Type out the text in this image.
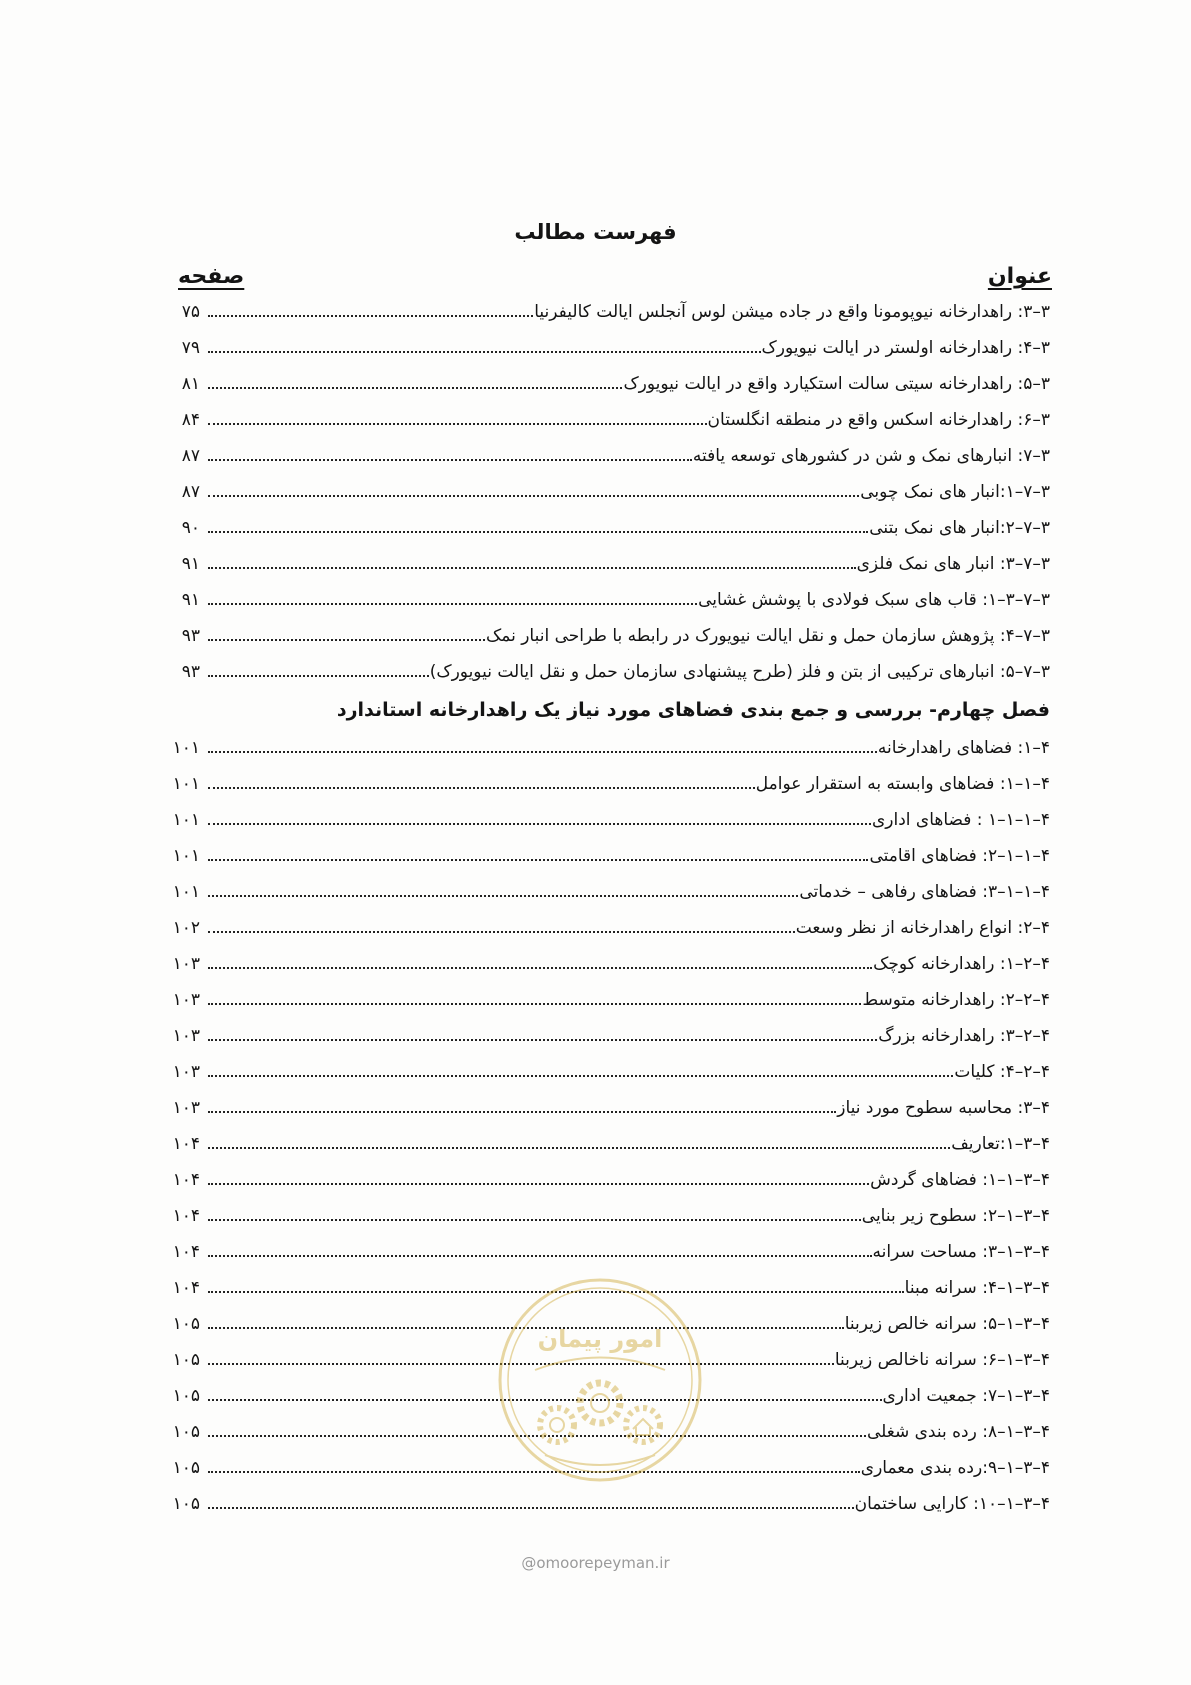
فهرست مطالب
صفحه	عنوان
۳–۳: راهدارخانه نیوپومونا واقع در جاده میشن لوس آنجلس ایالت کالیفرنیا
۷۵
۳–۴: راهدارخانه اولستر در ایالت نیویورک
۷۹
۳–۵: راهدارخانه سیتی سالت استکیارد واقع در ایالت نیویورک
۸۱
۳–۶: راهدارخانه اسکس واقع در منطقه انگلستان
۸۴
۳–۷: انبارهای نمک و شن در کشورهای توسعه یافته
۸۷
۳–۷–۱:انبار های نمک چوبی
۸۷
۳–۷–۲:انبار های نمک بتنی
۹۰
۳–۷–۳: انبار های نمک فلزی
۹۱
۳–۷–۳–۱: قاب های سبک فولادی با پوشش غشایی
۹۱
۳–۷–۴: پژوهش سازمان حمل و نقل ایالت نیویورک در رابطه با طراحی انبار نمک
۹۳
۳–۷–۵: انبارهای ترکیبی از بتن و فلز (طرح پیشنهادی سازمان حمل و نقل ایالت نیویورک)
۹۳
فصل چهارم- بررسی و جمع بندی فضاهای مورد نیاز یک راهدارخانه استاندارد
۴–۱: فضاهای راهدارخانه
۱۰۱
۴–۱–۱: فضاهای وابسته به استقرار عوامل
۱۰۱
۴–۱–۱–۱ : فضاهای اداری
۱۰۱
۴–۱–۱–۲: فضاهای اقامتی
۱۰۱
۴–۱–۱–۳: فضاهای رفاهی – خدماتی
۱۰۱
۴–۲: انواع راهدارخانه از نظر وسعت
۱۰۲
۴–۲–۱: راهدارخانه کوچک
۱۰۳
۴–۲–۲: راهدارخانه متوسط
۱۰۳
۴–۲–۳: راهدارخانه بزرگ
۱۰۳
۴–۲–۴: کلیات
۱۰۳
۴–۳: محاسبه سطوح مورد نیاز
۱۰۳
۴–۳–۱:تعاریف
۱۰۴
۴–۳–۱–۱: فضاهای گردش
۱۰۴
۴–۳–۱–۲: سطوح زیر بنایی
۱۰۴
۴–۳–۱–۳: مساحت سرانه
۱۰۴
۴–۳–۱–۴: سرانه مبنا
۱۰۴
۴–۳–۱–۵: سرانه خالص زیربنا
۱۰۵
۴–۳–۱–۶: سرانه ناخالص زیربنا
۱۰۵
۴–۳–۱–۷: جمعیت اداری
۱۰۵
۴–۳–۱–۸: رده بندی شغلی
۱۰۵
۴–۳–۱–۹:رده بندی معماری
۱۰۵
۴–۳–۱–۱۰: کارایی ساختمان
۱۰۵
امور پیمان
@omoorepeyman.ir
